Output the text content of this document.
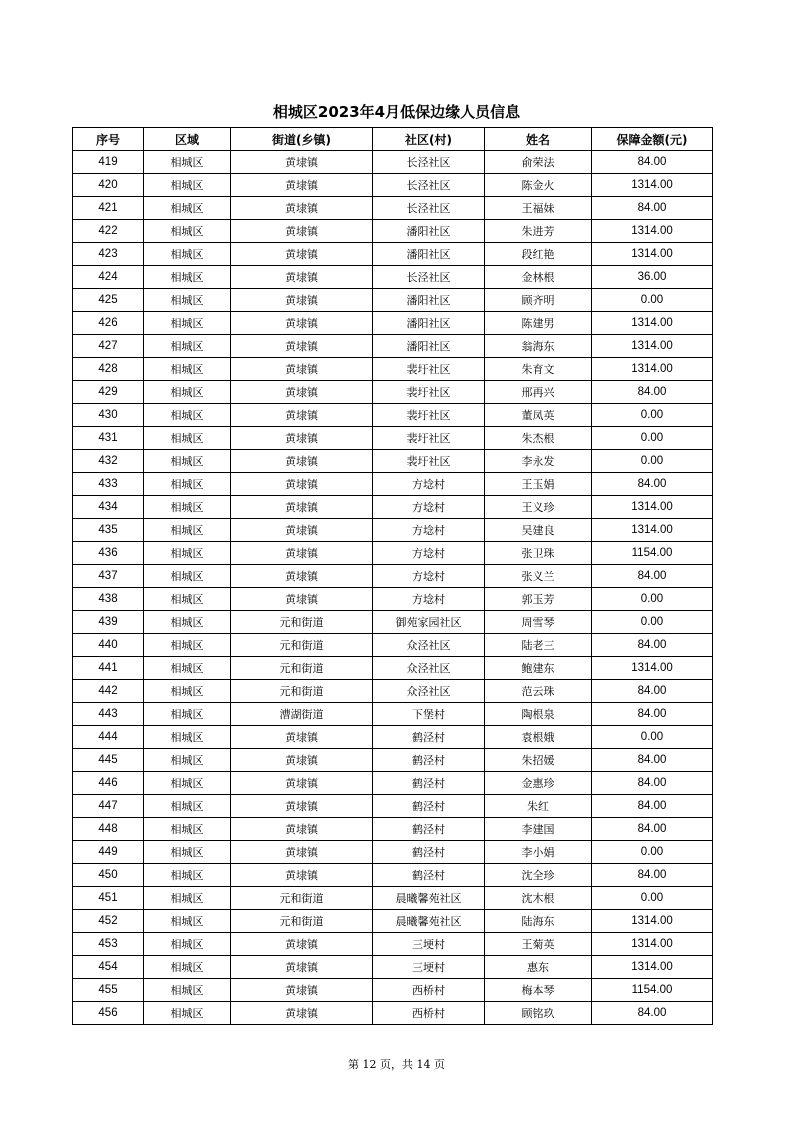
相城区2023年4月低保边缘人员信息
序号	区域	街道(乡镇)	社区(村)	姓名	保障金额(元)
419	相城区	黄埭镇	长泾社区	俞荣法	84.00
420	相城区	黄埭镇	长泾社区	陈金火	1314.00
421	相城区	黄埭镇	长泾社区	王福妹	84.00
422	相城区	黄埭镇	潘阳社区	朱进芳	1314.00
423	相城区	黄埭镇	潘阳社区	段红艳	1314.00
424	相城区	黄埭镇	长泾社区	金林根	36.00
425	相城区	黄埭镇	潘阳社区	顾齐明	0.00
426	相城区	黄埭镇	潘阳社区	陈建男	1314.00
427	相城区	黄埭镇	潘阳社区	翁海东	1314.00
428	相城区	黄埭镇	裴圩社区	朱育文	1314.00
429	相城区	黄埭镇	裴圩社区	邢再兴	84.00
430	相城区	黄埭镇	裴圩社区	董凤英	0.00
431	相城区	黄埭镇	裴圩社区	朱杰根	0.00
432	相城区	黄埭镇	裴圩社区	李永发	0.00
433	相城区	黄埭镇	方埝村	王玉娟	84.00
434	相城区	黄埭镇	方埝村	王义珍	1314.00
435	相城区	黄埭镇	方埝村	吴建良	1314.00
436	相城区	黄埭镇	方埝村	张卫珠	1154.00
437	相城区	黄埭镇	方埝村	张义兰	84.00
438	相城区	黄埭镇	方埝村	郭玉芳	0.00
439	相城区	元和街道	御苑家园社区	周雪琴	0.00
440	相城区	元和街道	众泾社区	陆老三	84.00
441	相城区	元和街道	众泾社区	鲍建东	1314.00
442	相城区	元和街道	众泾社区	范云珠	84.00
443	相城区	漕湖街道	下堡村	陶根泉	84.00
444	相城区	黄埭镇	鹤泾村	袁根娥	0.00
445	相城区	黄埭镇	鹤泾村	朱招媛	84.00
446	相城区	黄埭镇	鹤泾村	金惠珍	84.00
447	相城区	黄埭镇	鹤泾村	朱红	84.00
448	相城区	黄埭镇	鹤泾村	李建国	84.00
449	相城区	黄埭镇	鹤泾村	李小娟	0.00
450	相城区	黄埭镇	鹤泾村	沈全珍	84.00
451	相城区	元和街道	晨曦馨苑社区	沈木根	0.00
452	相城区	元和街道	晨曦馨苑社区	陆海东	1314.00
453	相城区	黄埭镇	三埂村	王菊英	1314.00
454	相城区	黄埭镇	三埂村	惠东	1314.00
455	相城区	黄埭镇	西桥村	梅本琴	1154.00
456	相城区	黄埭镇	西桥村	顾铭玖	84.00
第 12 页，共 14 页
